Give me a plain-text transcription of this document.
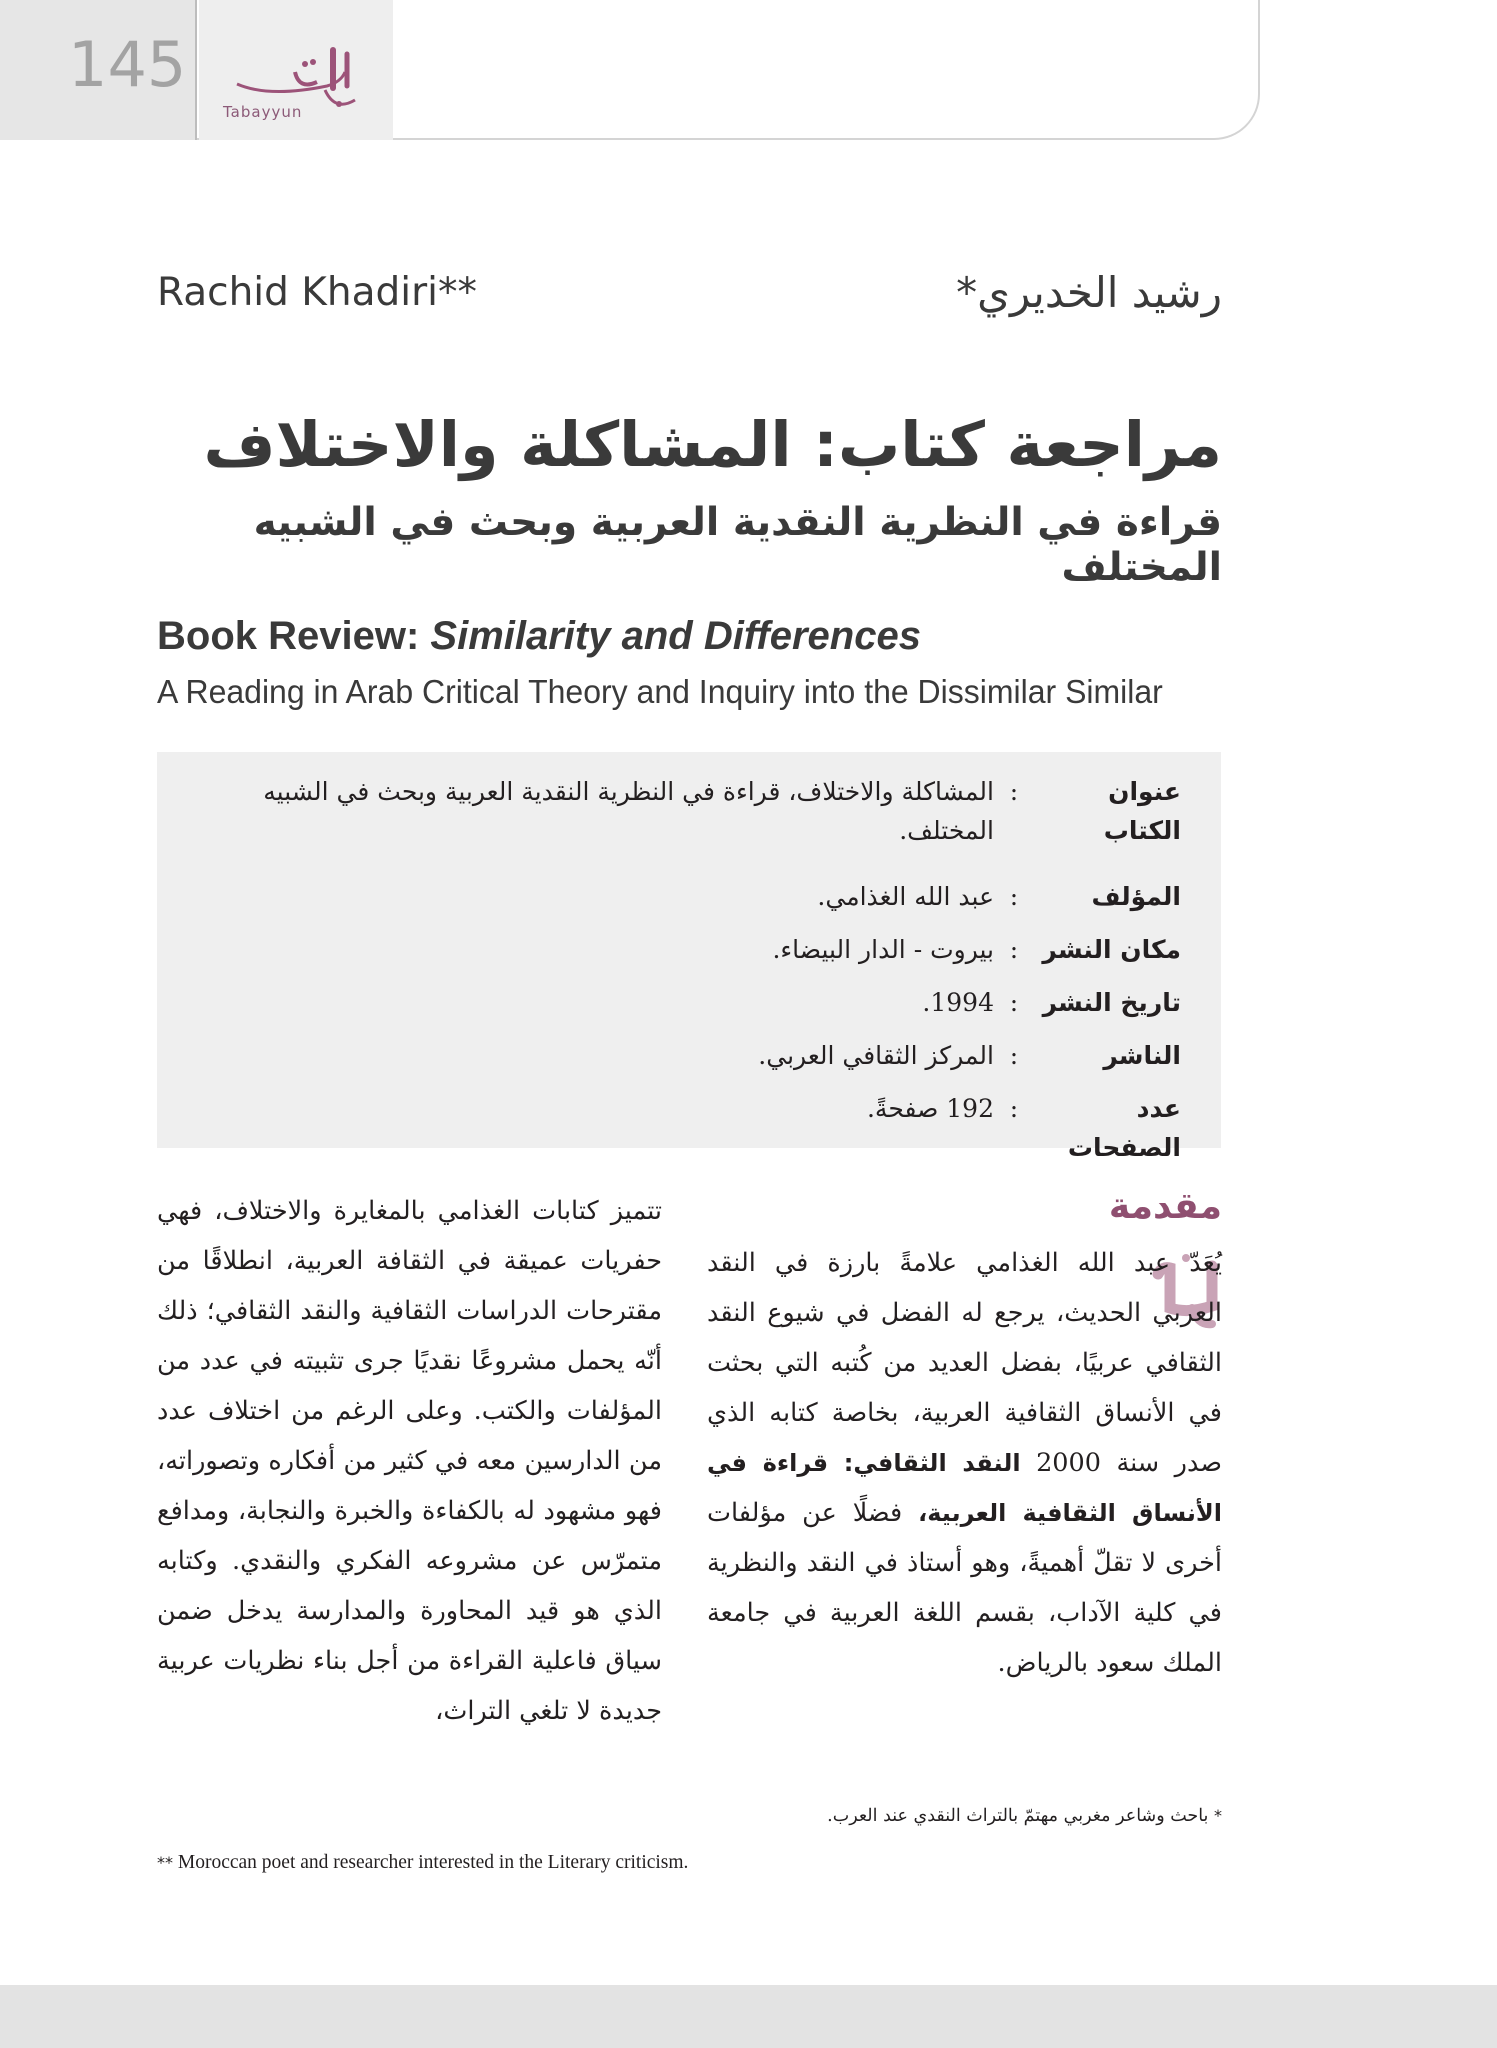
145
Tabayyun
Rachid Khadiri**	رشيد الخديري*
مراجعة كتاب: المشاكلة والاختلاف
قراءة في النظرية النقدية العربية وبحث في الشبيه المختلف
Book Review: Similarity and Differences
A Reading in Arab Critical Theory and Inquiry into the Dissimilar Similar
عنوان الكتاب
:
المشاكلة والاختلاف، قراءة في النظرية النقدية العربية وبحث في الشبيه المختلف.
المؤلف
:
عبد الله الغذامي.
مكان النشر
:
بيروت - الدار البيضاء.
تاريخ النشر
:
1994.
الناشر
:
المركز الثقافي العربي.
عدد الصفحات
:
192 صفحةً.
مقدمة
يُعَدّ عبد الله الغذامي علامةً بارزة في النقد العربي الحديث، يرجع له الفضل في شيوع النقد الثقافي عربيًا، بفضل العديد من كُتبه التي بحثت في الأنساق الثقافية العربية، بخاصة كتابه الذي صدر سنة 2000 النقد الثقافي: قراءة في الأنساق الثقافية العربية، فضلًا عن مؤلفات أخرى لا تقلّ أهميةً، وهو أستاذ في النقد والنظرية في كلية الآداب، بقسم اللغة العربية في جامعة الملك سعود بالرياض.
تتميز كتابات الغذامي بالمغايرة والاختلاف، فهي حفريات عميقة في الثقافة العربية، انطلاقًا من مقترحات الدراسات الثقافية والنقد الثقافي؛ ذلك أنّه يحمل مشروعًا نقديًا جرى تثبيته في عدد من المؤلفات والكتب. وعلى الرغم من اختلاف عدد من الدارسين معه في كثير من أفكاره وتصوراته، فهو مشهود له بالكفاءة والخبرة والنجابة، ومدافع متمرّس عن مشروعه الفكري والنقدي. وكتابه الذي هو قيد المحاورة والمدارسة يدخل ضمن سياق فاعلية القراءة من أجل بناء نظريات عربية جديدة لا تلغي التراث،
* باحث وشاعر مغربي مهتمّ بالتراث النقدي عند العرب.
** Moroccan poet and researcher interested in the Literary criticism.
